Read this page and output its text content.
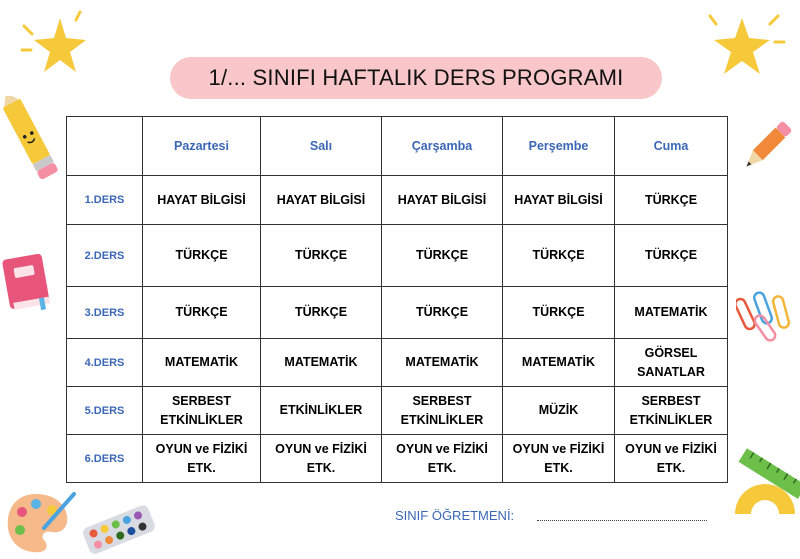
1/... SINIFI HAFTALIK DERS PROGRAMI
	Pazartesi	Salı	Çarşamba	Perşembe	Cuma
1.DERS	HAYAT BİLGİSİ	HAYAT BİLGİSİ	HAYAT BİLGİSİ	HAYAT BİLGİSİ	TÜRKÇE
2.DERS	TÜRKÇE	TÜRKÇE	TÜRKÇE	TÜRKÇE	TÜRKÇE
3.DERS	TÜRKÇE	TÜRKÇE	TÜRKÇE	TÜRKÇE	MATEMATİK
4.DERS	MATEMATİK	MATEMATİK	MATEMATİK	MATEMATİK	GÖRSEL SANATLAR
5.DERS	SERBEST ETKİNLİKLER	ETKİNLİKLER	SERBEST ETKİNLİKLER	MÜZİK	SERBEST ETKİNLİKLER
6.DERS	OYUN ve FİZİKİ ETK.	OYUN ve FİZİKİ ETK.	OYUN ve FİZİKİ ETK.	OYUN ve FİZİKİ ETK.	OYUN ve FİZİKİ ETK.
SINIF ÖĞRETMENİ:
